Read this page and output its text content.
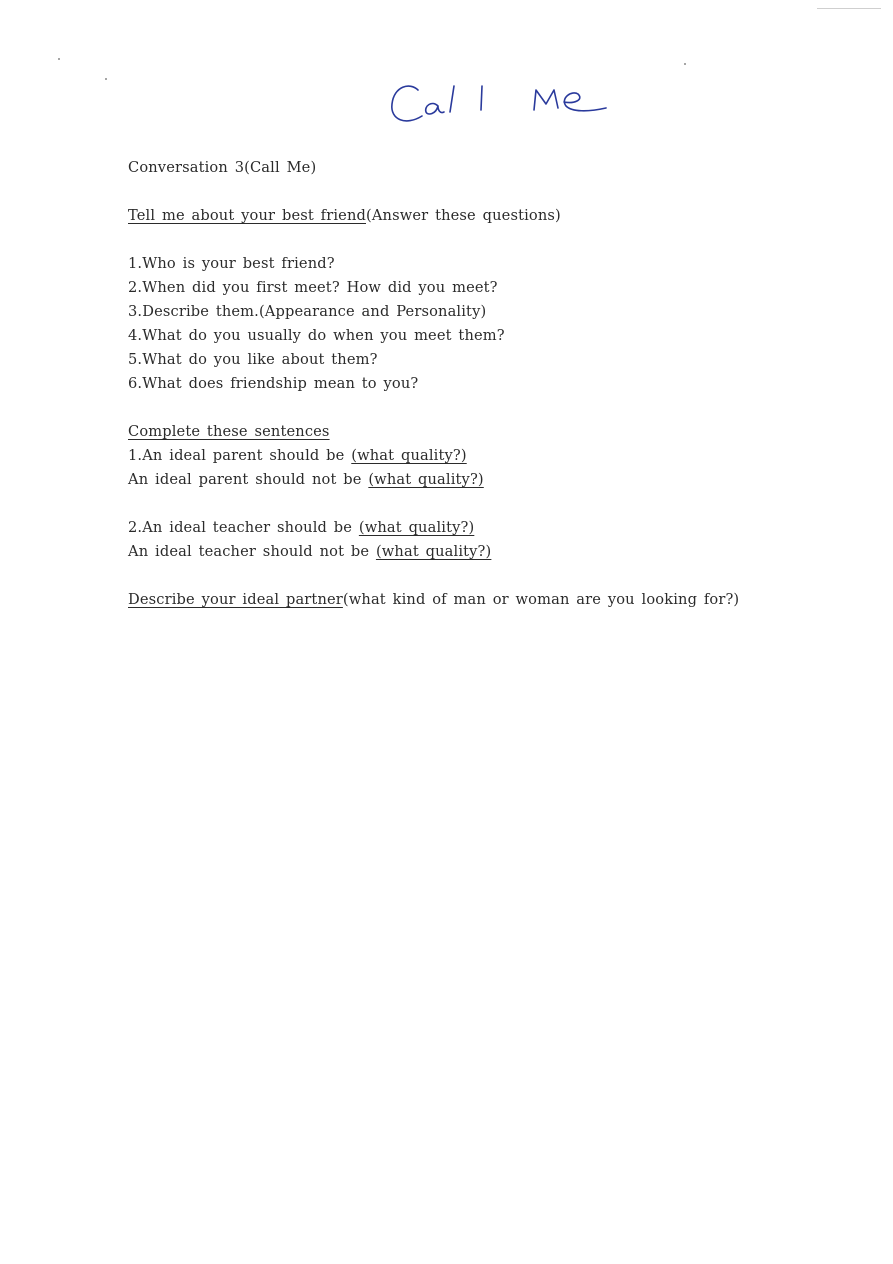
Conversation 3(Call Me)
Tell me about your best friend(Answer these questions)
1.Who is your best friend?
2.When did you first meet? How did you meet?
3.Describe them.(Appearance and Personality)
4.What do you usually do when you meet them?
5.What do you like about them?
6.What does friendship mean to you?
Complete these sentences
1.An ideal parent should be (what quality?)
An ideal parent should not be (what quality?)
2.An ideal teacher should be (what quality?)
An ideal teacher should not be (what quality?)
Describe your ideal partner(what kind of man or woman are you looking for?)
